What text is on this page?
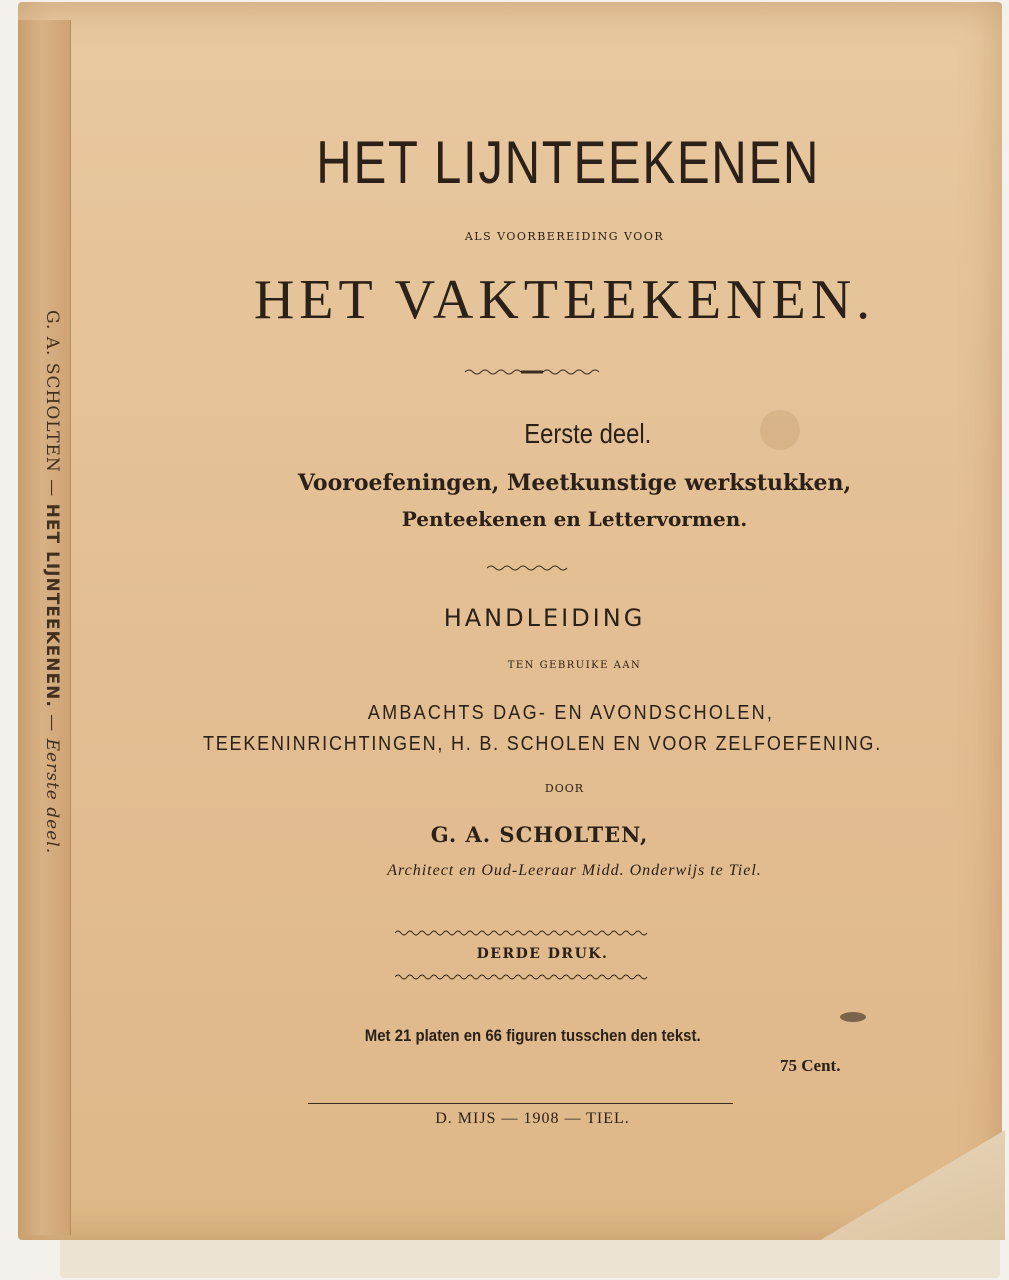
G. A. SCHOLTEN — HET LIJNTEEKENEN. — Eerste deel.
HET LIJNTEEKENEN
ALS VOORBEREIDING VOOR
HET VAKTEEKENEN.
Eerste deel.
Vooroefeningen, Meetkunstige werkstukken,
Penteekenen en Lettervormen.
HANDLEIDING
TEN GEBRUIKE AAN
AMBACHTS DAG- EN AVONDSCHOLEN,
TEEKENINRICHTINGEN, H. B. SCHOLEN EN VOOR ZELFOEFENING.
DOOR
G. A. SCHOLTEN,
Architect en Oud-Leeraar Midd. Onderwijs te Tiel.
DERDE DRUK.
Met 21 platen en 66 figuren tusschen den tekst.
75 Cent.
D. MIJS — 1908 — TIEL.
